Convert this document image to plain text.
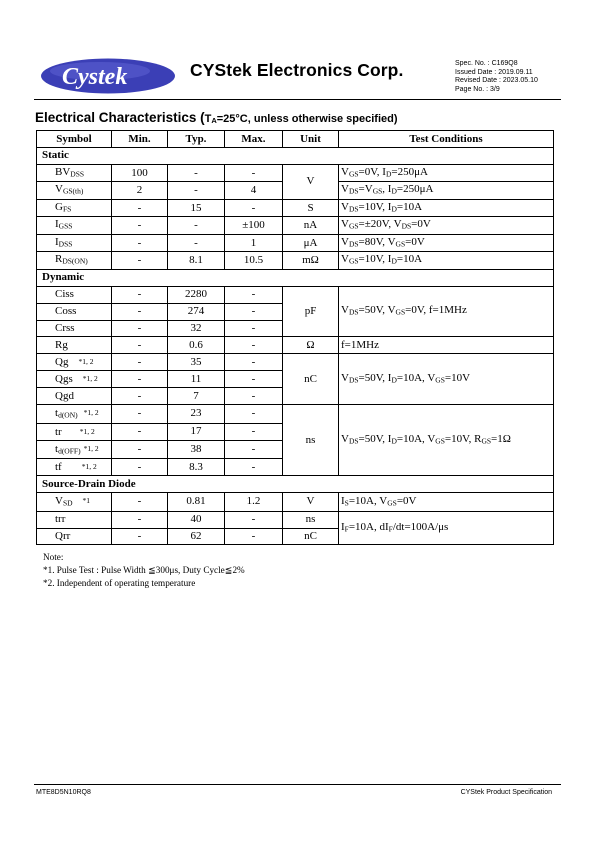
Cystek	CYStek Electronics Corp.	Spec. No. : C169Q8
Issued Date : 2019.09.11
Revised Date : 2023.05.10
Page No. : 3/9
Electrical Characteristics (TA=25°C, unless otherwise specified)
Symbol	Min.	Typ.	Max.	Unit	Test Conditions
Static					
BVDSS	100	-	-	V	VGS=0V, ID=250μA
VGS(th)	2	-	4		VDS=VGS, ID=250μA
GFS	-	15	-	S	VDS=10V, ID=10A
IGSS	-	-	±100	nA	VGS=±20V, VDS=0V
IDSS	-	-	1	μA	VDS=80V, VGS=0V
RDS(ON)	-	8.1	10.5	mΩ	VGS=10V, ID=10A
Dynamic					
Ciss	-	2280	-	pF	VDS=50V, VGS=0V, f=1MHz
Coss	-	274	-		
Crss	-	32	-		
Rg	-	0.6	-	Ω	f=1MHz
Qg *1, 2	-	35	-	nC	VDS=50V, ID=10A, VGS=10V
Qgs *1, 2	-	11	-		
Qgd	-	7	-		
td(ON) *1, 2	-	23	-	ns	VDS=50V, ID=10A, VGS=10V, RGS=1Ω
tr *1, 2	-	17	-		
td(OFF) *1, 2	-	38	-		
tf *1, 2	-	8.3	-		
Source-Drain Diode					
VSD *1	-	0.81	1.2	V	IS=10A, VGS=0V
trr	-	40	-	ns	IF=10A, dIF/dt=100A/μs
Qrr	-	62	-	nC	
Note:
*1. Pulse Test : Pulse Width ≦300μs, Duty Cycle≦2%
*2. Independent of operating temperature
MTE8D5N10RQ8	CYStek Product Specification
